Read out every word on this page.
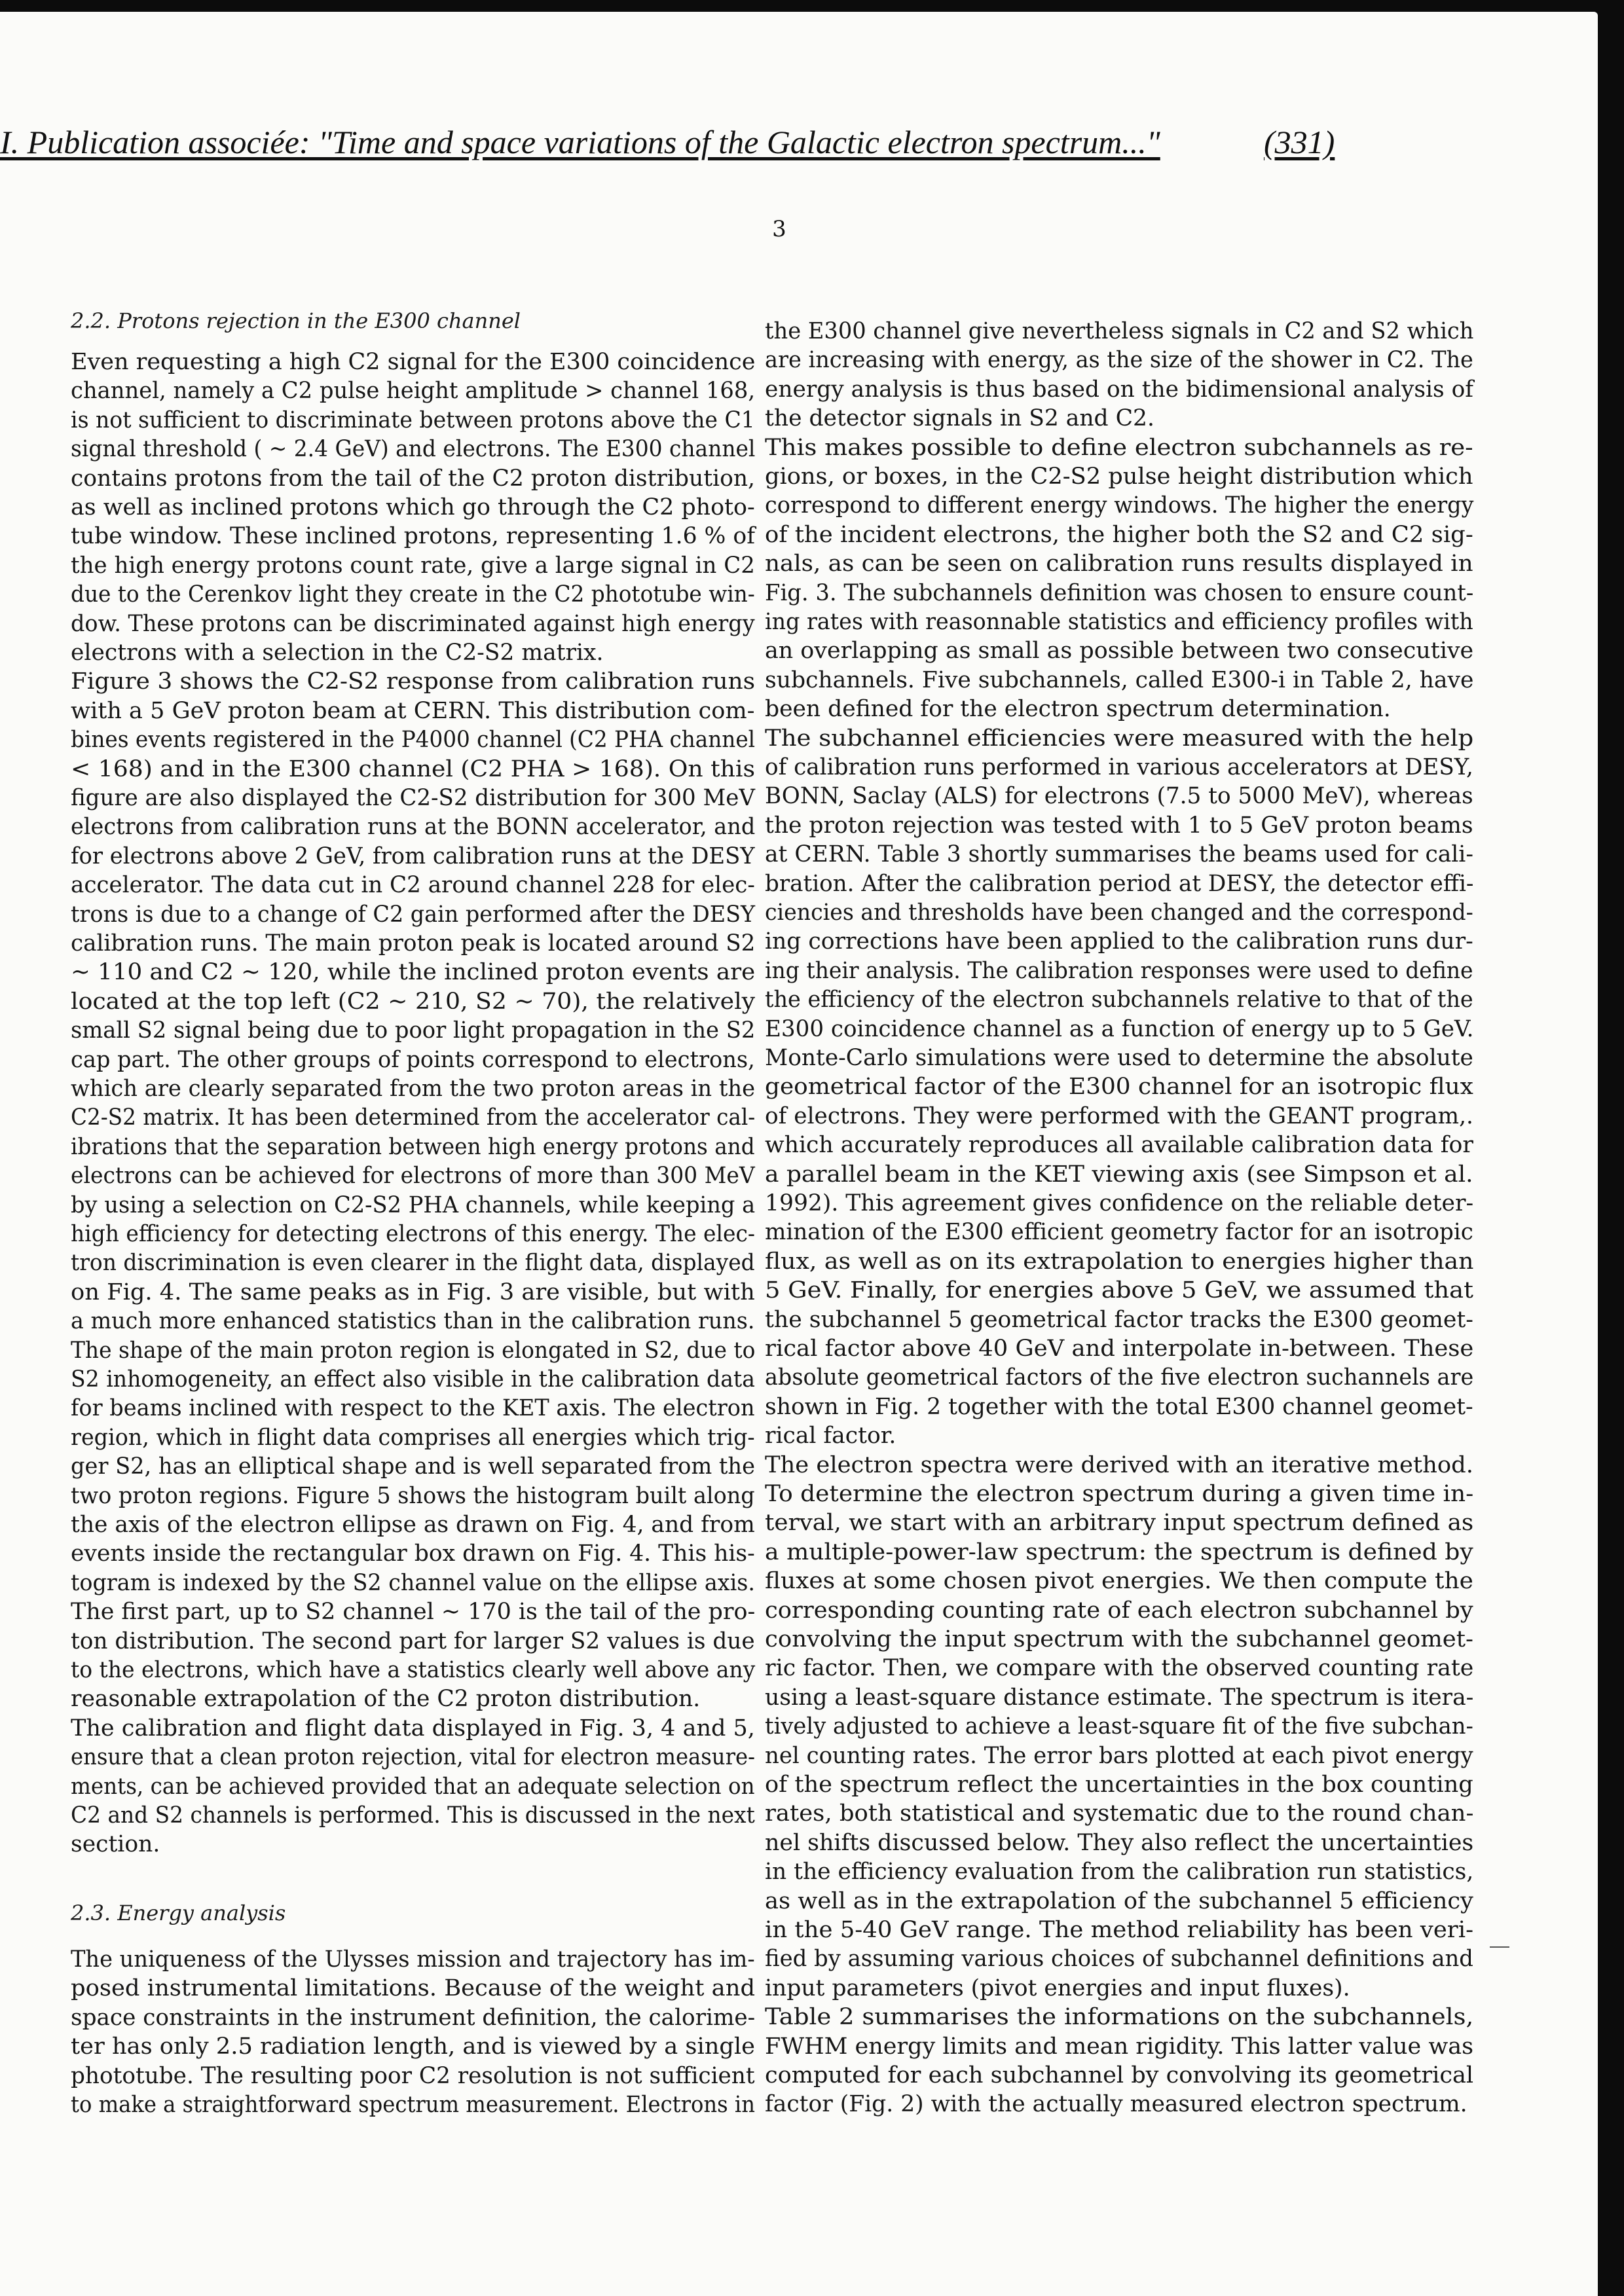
I. Publication associée: "Time and space variations of the Galactic electron spectrum..."	(331)
3
2.2. Protons rejection in the E300 channel
2.3. Energy analysis
Even requesting a high C2 signal for the E300 coincidence
channel, namely a C2 pulse height amplitude > channel 168,
is not sufficient to discriminate between protons above the C1
signal threshold ( ~ 2.4 GeV) and electrons. The E300 channel
contains protons from the tail of the C2 proton distribution,
as well as inclined protons which go through the C2 photo-
tube window. These inclined protons, representing 1.6 % of
the high energy protons count rate, give a large signal in C2
due to the Cerenkov light they create in the C2 phototube win-
dow. These protons can be discriminated against high energy
electrons with a selection in the C2-S2 matrix.
Figure 3 shows the C2-S2 response from calibration runs
with a 5 GeV proton beam at CERN. This distribution com-
bines events registered in the P4000 channel (C2 PHA channel
< 168) and in the E300 channel (C2 PHA > 168). On this
figure are also displayed the C2-S2 distribution for 300 MeV
electrons from calibration runs at the BONN accelerator, and
for electrons above 2 GeV, from calibration runs at the DESY
accelerator. The data cut in C2 around channel 228 for elec-
trons is due to a change of C2 gain performed after the DESY
calibration runs. The main proton peak is located around S2
~ 110 and C2 ~ 120, while the inclined proton events are
located at the top left (C2 ~ 210, S2 ~ 70), the relatively
small S2 signal being due to poor light propagation in the S2
cap part. The other groups of points correspond to electrons,
which are clearly separated from the two proton areas in the
C2-S2 matrix. It has been determined from the accelerator cal-
ibrations that the separation between high energy protons and
electrons can be achieved for electrons of more than 300 MeV
by using a selection on C2-S2 PHA channels, while keeping a
high efficiency for detecting electrons of this energy. The elec-
tron discrimination is even clearer in the flight data, displayed
on Fig. 4. The same peaks as in Fig. 3 are visible, but with
a much more enhanced statistics than in the calibration runs.
The shape of the main proton region is elongated in S2, due to
S2 inhomogeneity, an effect also visible in the calibration data
for beams inclined with respect to the KET axis. The electron
region, which in flight data comprises all energies which trig-
ger S2, has an elliptical shape and is well separated from the
two proton regions. Figure 5 shows the histogram built along
the axis of the electron ellipse as drawn on Fig. 4, and from
events inside the rectangular box drawn on Fig. 4. This his-
togram is indexed by the S2 channel value on the ellipse axis.
The first part, up to S2 channel ~ 170 is the tail of the pro-
ton distribution. The second part for larger S2 values is due
to the electrons, which have a statistics clearly well above any
reasonable extrapolation of the C2 proton distribution.
The calibration and flight data displayed in Fig. 3, 4 and 5,
ensure that a clean proton rejection, vital for electron measure-
ments, can be achieved provided that an adequate selection on
C2 and S2 channels is performed. This is discussed in the next
section.
The uniqueness of the Ulysses mission and trajectory has im-
posed instrumental limitations. Because of the weight and
space constraints in the instrument definition, the calorime-
ter has only 2.5 radiation length, and is viewed by a single
phototube. The resulting poor C2 resolution is not sufficient
to make a straightforward spectrum measurement. Electrons in
the E300 channel give nevertheless signals in C2 and S2 which
are increasing with energy, as the size of the shower in C2. The
energy analysis is thus based on the bidimensional analysis of
the detector signals in S2 and C2.
This makes possible to define electron subchannels as re-
gions, or boxes, in the C2-S2 pulse height distribution which
correspond to different energy windows. The higher the energy
of the incident electrons, the higher both the S2 and C2 sig-
nals, as can be seen on calibration runs results displayed in
Fig. 3. The subchannels definition was chosen to ensure count-
ing rates with reasonnable statistics and efficiency profiles with
an overlapping as small as possible between two consecutive
subchannels. Five subchannels, called E300-i in Table 2, have
been defined for the electron spectrum determination.
The subchannel efficiencies were measured with the help
of calibration runs performed in various accelerators at DESY,
BONN, Saclay (ALS) for electrons (7.5 to 5000 MeV), whereas
the proton rejection was tested with 1 to 5 GeV proton beams
at CERN. Table 3 shortly summarises the beams used for cali-
bration. After the calibration period at DESY, the detector effi-
ciencies and thresholds have been changed and the correspond-
ing corrections have been applied to the calibration runs dur-
ing their analysis. The calibration responses were used to define
the efficiency of the electron subchannels relative to that of the
E300 coincidence channel as a function of energy up to 5 GeV.
Monte-Carlo simulations were used to determine the absolute
geometrical factor of the E300 channel for an isotropic flux
of electrons. They were performed with the GEANT program,.
which accurately reproduces all available calibration data for
a parallel beam in the KET viewing axis (see Simpson et al.
1992). This agreement gives confidence on the reliable deter-
mination of the E300 efficient geometry factor for an isotropic
flux, as well as on its extrapolation to energies higher than
5 GeV. Finally, for energies above 5 GeV, we assumed that
the subchannel 5 geometrical factor tracks the E300 geomet-
rical factor above 40 GeV and interpolate in-between. These
absolute geometrical factors of the five electron suchannels are
shown in Fig. 2 together with the total E300 channel geomet-
rical factor.
The electron spectra were derived with an iterative method.
To determine the electron spectrum during a given time in-
terval, we start with an arbitrary input spectrum defined as
a multiple-power-law spectrum: the spectrum is defined by
fluxes at some chosen pivot energies. We then compute the
corresponding counting rate of each electron subchannel by
convolving the input spectrum with the subchannel geomet-
ric factor. Then, we compare with the observed counting rate
using a least-square distance estimate. The spectrum is itera-
tively adjusted to achieve a least-square fit of the five subchan-
nel counting rates. The error bars plotted at each pivot energy
of the spectrum reflect the uncertainties in the box counting
rates, both statistical and systematic due to the round chan-
nel shifts discussed below. They also reflect the uncertainties
in the efficiency evaluation from the calibration run statistics,
as well as in the extrapolation of the subchannel 5 efficiency
in the 5-40 GeV range. The method reliability has been veri-
fied by assuming various choices of subchannel definitions and
input parameters (pivot energies and input fluxes).
Table 2 summarises the informations on the subchannels,
FWHM energy limits and mean rigidity. This latter value was
computed for each subchannel by convolving its geometrical
factor (Fig. 2) with the actually measured electron spectrum.
